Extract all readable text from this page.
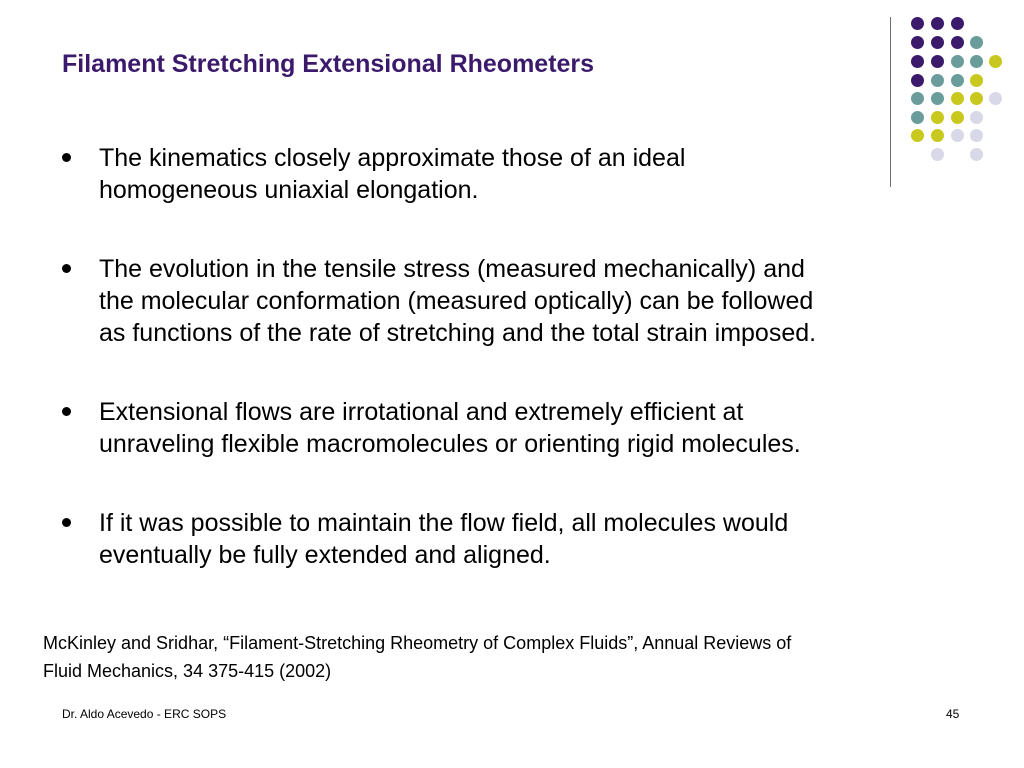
Filament Stretching Extensional Rheometers
The kinematics closely approximate those of an ideal
homogeneous uniaxial elongation.
The evolution in the tensile stress (measured mechanically) and
the molecular conformation (measured optically) can be followed
as functions of the rate of stretching and the total strain imposed.
Extensional flows are irrotational and extremely efficient at
unraveling flexible macromolecules or orienting rigid molecules.
If it was possible to maintain the flow field, all molecules would
eventually be fully extended and aligned.
McKinley and Sridhar, “Filament-Stretching Rheometry of Complex Fluids”, Annual Reviews of
Fluid Mechanics, 34 375-415 (2002)
Dr. Aldo Acevedo - ERC SOPS	45
